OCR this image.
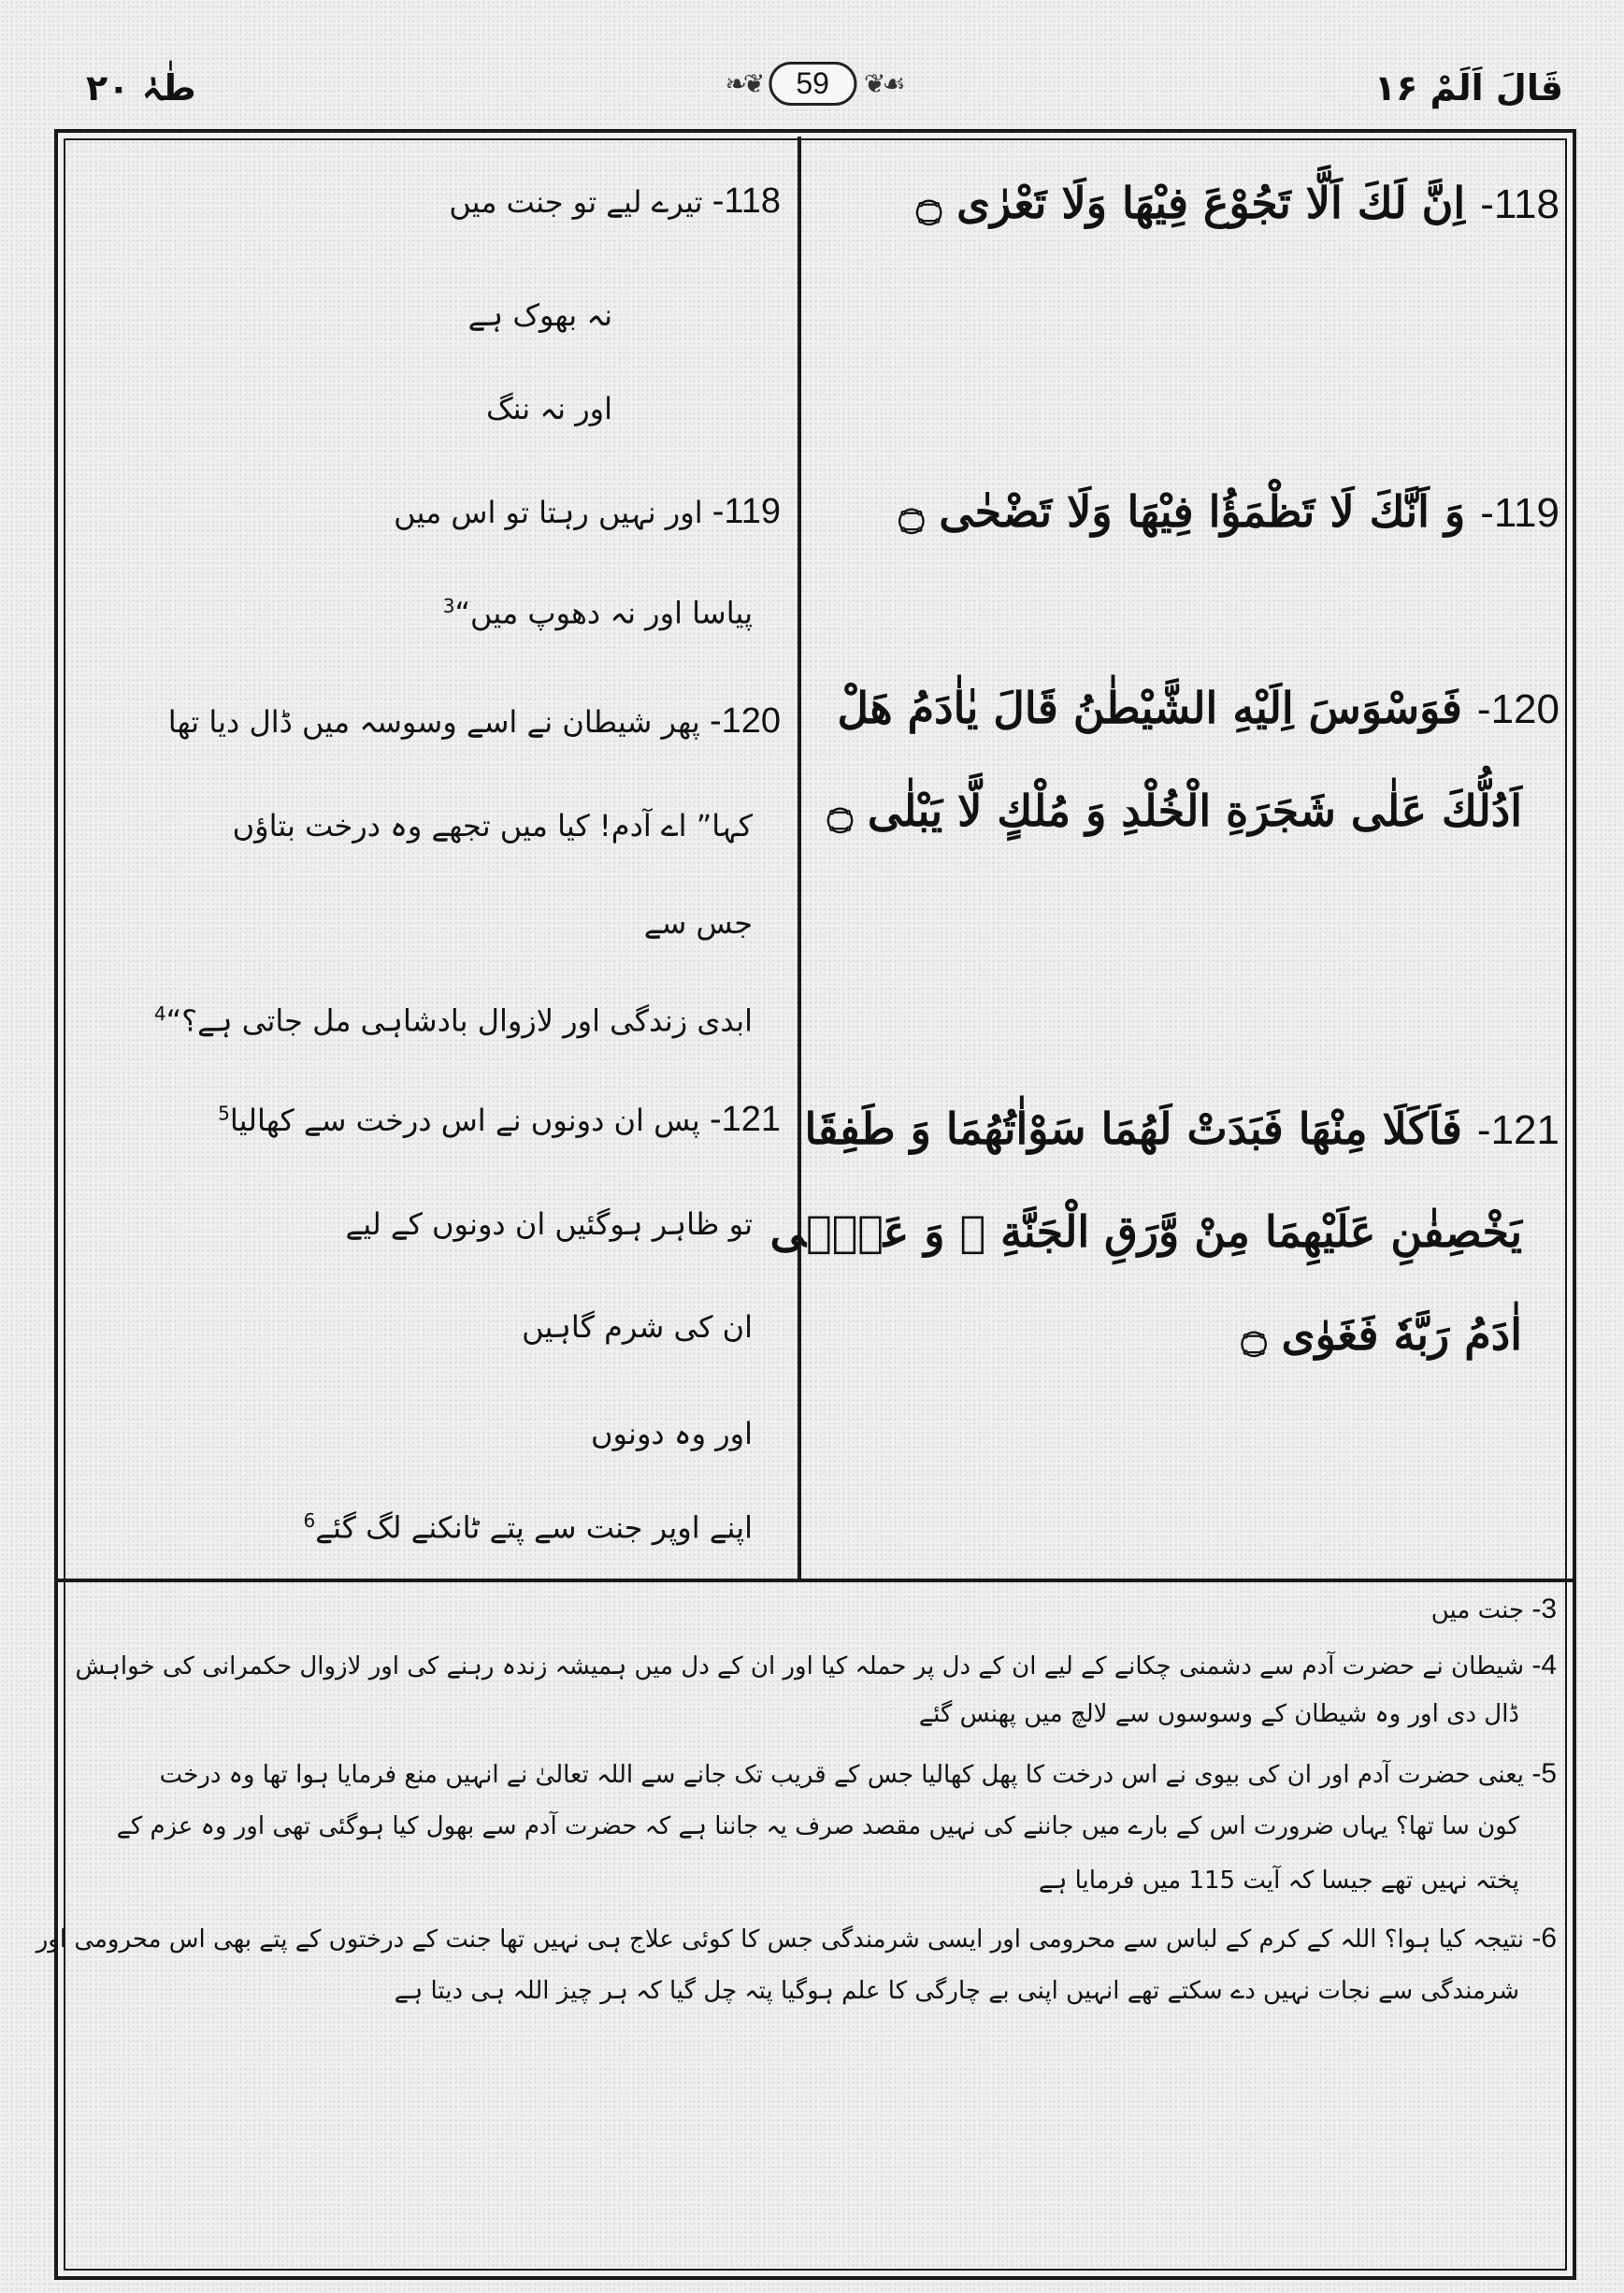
طٰہٰ ۲۰	❧❦	59	❦☙	قَالَ اَلَمْ ۱۶
118- اِنَّ لَكَ اَلَّا تَجُوْعَ فِيْهَا وَلَا تَعْرٰى ۝
119- وَ اَنَّكَ لَا تَظْمَؤُا فِيْهَا وَلَا تَضْحٰى ۝
120- فَوَسْوَسَ اِلَيْهِ الشَّيْطٰنُ قَالَ يٰاٰدَمُ هَلْ
اَدُلُّكَ عَلٰى شَجَرَةِ الْخُلْدِ وَ مُلْكٍ لَّا يَبْلٰى ۝
121- فَاَكَلَا مِنْهَا فَبَدَتْ لَهُمَا سَوْاٰتُهُمَا وَ طَفِقَا
يَخْصِفٰنِ عَلَيْهِمَا مِنْ وَّرَقِ الْجَنَّةِ ۡ وَ عَصٰۤى
اٰدَمُ رَبَّهٗ فَغَوٰى ۝
118- تیرے لیے تو جنت میں
نہ بھوک ہے
اور نہ ننگ
119- اور نہیں رہتا تو اس میں
پیاسا اور نہ دھوپ میں“$^3$
120- پھر شیطان نے اسے وسوسہ میں ڈال دیا تھا
کہا” اے آدم! کیا میں تجھے وہ درخت بتاؤں
جس سے
ابدی زندگی اور لازوال بادشاہی مل جاتی ہے؟“$^4$
121- پس ان دونوں نے اس درخت سے کھالیا$^5$
تو ظاہر ہوگئیں ان دونوں کے لیے
ان کی شرم گاہیں
اور وہ دونوں
اپنے اوپر جنت سے پتے ٹانکنے لگ گئے$^6$
3- جنت میں
4- شیطان نے حضرت آدم سے دشمنی چکانے کے لیے ان کے دل پر حملہ کیا اور ان کے دل میں ہمیشہ زندہ رہنے کی اور لازوال حکمرانی کی خواہش
ڈال دی اور وہ شیطان کے وسوسوں سے لالچ میں پھنس گئے
5- یعنی حضرت آدم اور ان کی بیوی نے اس درخت کا پھل کھالیا جس کے قریب تک جانے سے اللہ تعالیٰ نے انہیں منع فرمایا ہوا تھا وہ درخت
کون سا تھا؟ یہاں ضرورت اس کے بارے میں جاننے کی نہیں مقصد صرف یہ جاننا ہے کہ حضرت آدم سے بھول کیا ہوگئی تھی اور وہ عزم کے
پختہ نہیں تھے جیسا کہ آیت 115 میں فرمایا ہے
6- نتیجہ کیا ہوا؟ اللہ کے کرم کے لباس سے محرومی اور ایسی شرمندگی جس کا کوئی علاج ہی نہیں تھا جنت کے درختوں کے پتے بھی اس محرومی اور
شرمندگی سے نجات نہیں دے سکتے تھے انہیں اپنی بے چارگی کا علم ہوگیا پتہ چل گیا کہ ہر چیز اللہ ہی دیتا ہے
